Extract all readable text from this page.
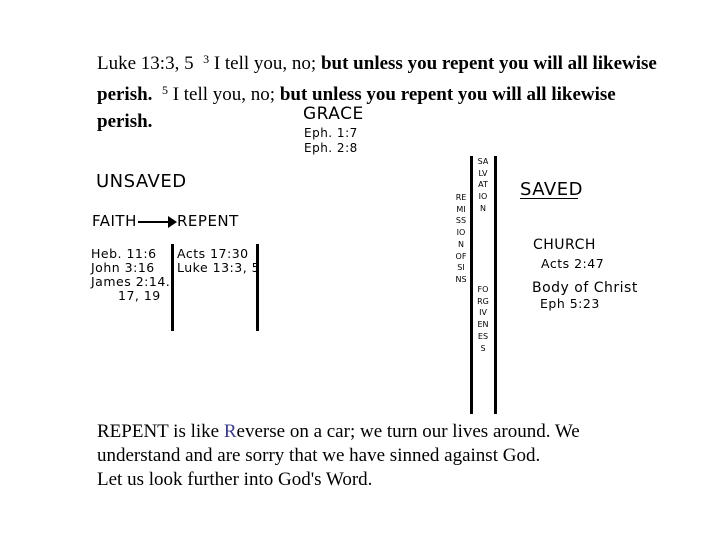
Luke 13:3, 5 $^3$ I tell you, no; but unless you repent you will all likewise perish. $^5$ I tell you, no; but unless you repent you will all likewise perish.	GRACE
Eph. 1:7
Eph. 2:8
UNSAVED
FAITH	REPENT
Heb. 11:6
John 3:16
James 2:14.
17, 19
Acts 17:30
Luke 13:3, 5
REMISSION OF SINS
SALVATION
FORGIVENESS
SAVED
CHURCH
Acts 2:47
Body of Christ
Eph 5:23
REPENT is like Reverse on a car; we turn our lives around. We understand and are sorry that we have sinned against God.
Let us look further into God's Word.
